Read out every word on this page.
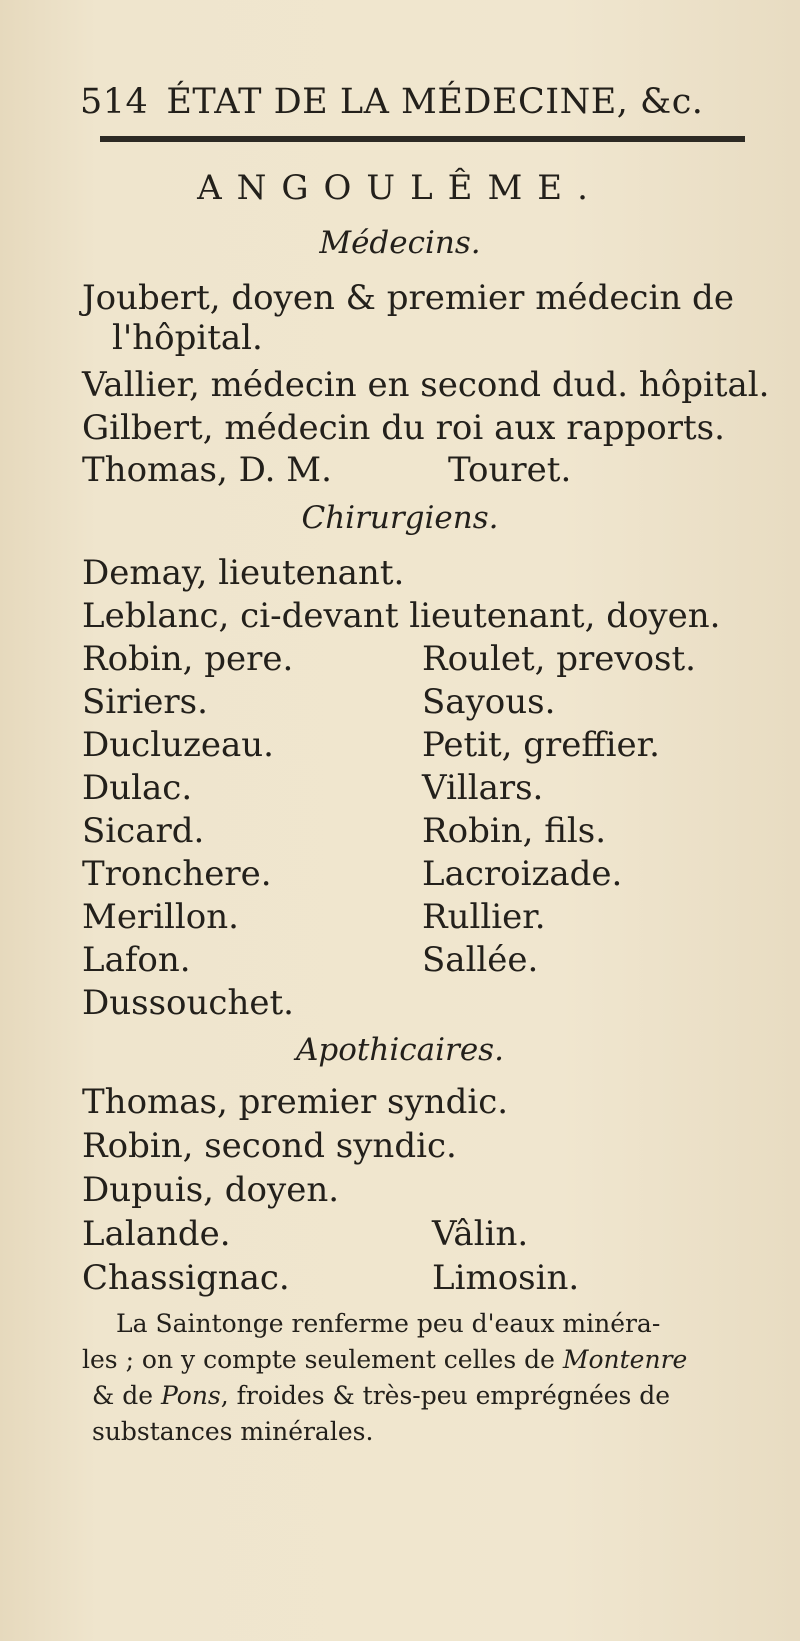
514 ÉTAT DE LA MÉDECINE, &c.
ANGOULÊME.
Médecins.
Joubert, doyen & premier médecin de
l'hôpital.
Vallier, médecin en second dud. hôpital.
Gilbert, médecin du roi aux rapports.
Thomas, D. M.	Touret.
Chirurgiens.
Demay, lieutenant.
Leblanc, ci-devant lieutenant, doyen.
Robin, pere.
Siriers.
Ducluzeau.
Dulac.
Sicard.
Tronchere.
Merillon.
Lafon.
Dussouchet.
Roulet, prevost.
Sayous.
Petit, greffier.
Villars.
Robin, fils.
Lacroizade.
Rullier.
Sallée.
Apothicaires.
Thomas, premier syndic.
Robin, second syndic.
Dupuis, doyen.
Lalande.
Chassignac.
Vâlin.
Limosin.
La Saintonge renferme peu d'eaux minéra-
les ; on y compte seulement celles de Montenre
& de Pons, froides & très-peu emprégnées de
substances minérales.
